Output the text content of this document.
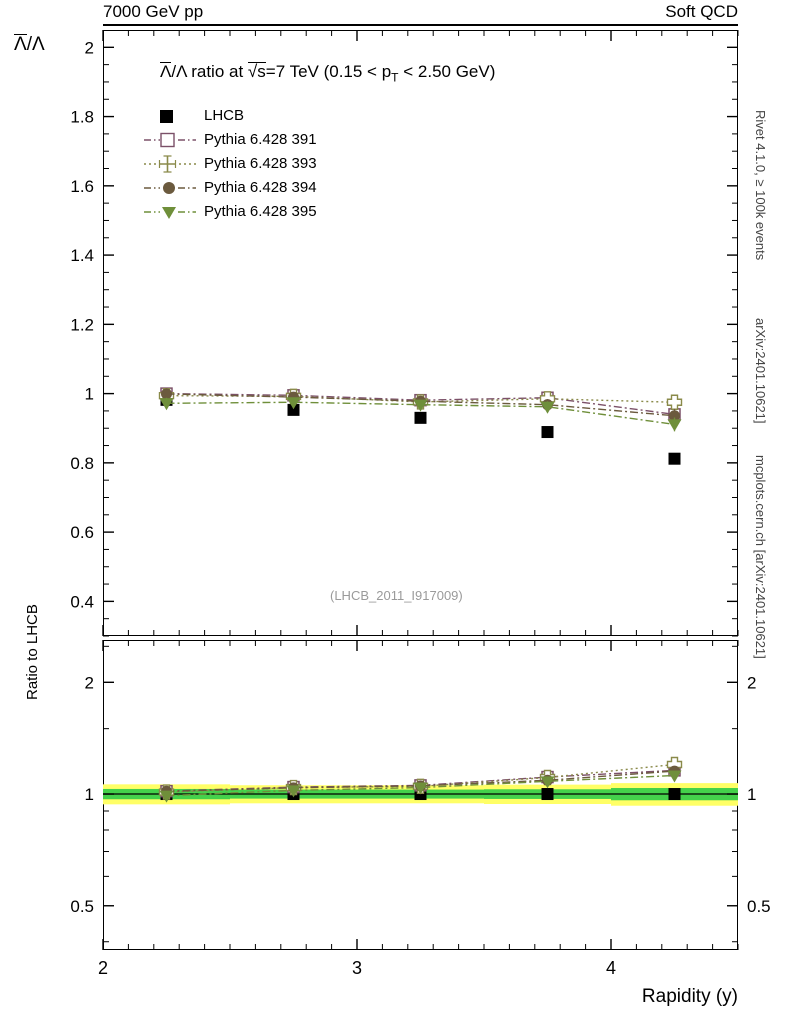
7000 GeV pp	Soft QCD
Λ/Λ
Ratio to LHCB
Rapidity (y)
Rivet 4.1.0, ≥ 100k events
arXiv:2401.10621]
mcplots.cern.ch [arXiv:2401.10621]
Λ/Λ ratio at √s=7 TeV ($0.15 < p_T < 2.50$ GeV)
(LHCB_2011_I917009)
LHCB
Pythia 6.428 391
Pythia 6.428 393
Pythia 6.428 394
Pythia 6.428 395
0.4
0.6
0.8
1
1.2
1.4
1.6
1.8
2
0.5	0.5
1	1
2	2
2	3	4
